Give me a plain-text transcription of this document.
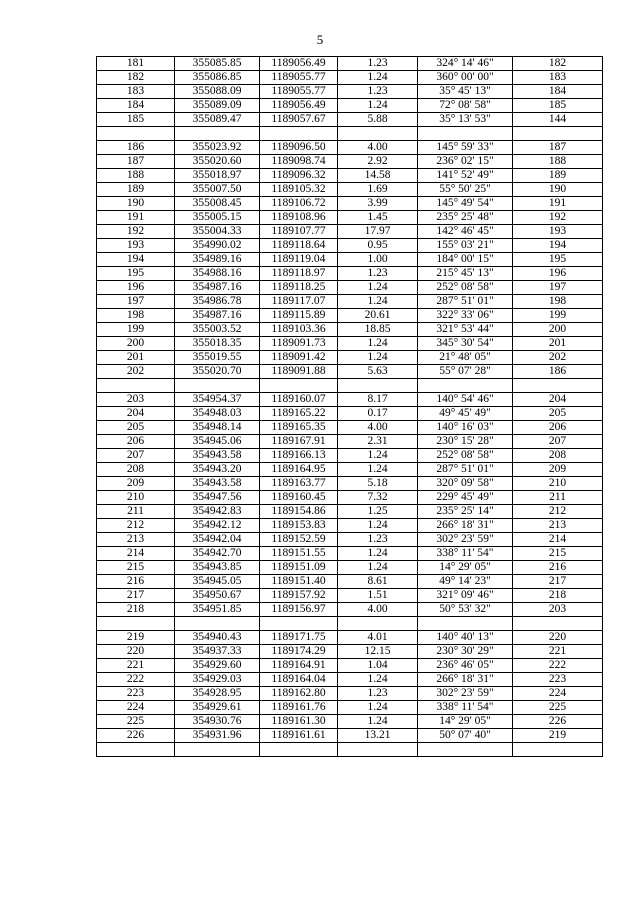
5
181	355085.85	1189056.49	1.23	324° 14' 46"	182
182	355086.85	1189055.77	1.24	360° 00' 00"	183
183	355088.09	1189055.77	1.23	35° 45' 13"	184
184	355089.09	1189056.49	1.24	72° 08' 58"	185
185	355089.47	1189057.67	5.88	35° 13' 53"	144

186	355023.92	1189096.50	4.00	145° 59' 33"	187
187	355020.60	1189098.74	2.92	236° 02' 15"	188
188	355018.97	1189096.32	14.58	141° 52' 49"	189
189	355007.50	1189105.32	1.69	55° 50' 25"	190
190	355008.45	1189106.72	3.99	145° 49' 54"	191
191	355005.15	1189108.96	1.45	235° 25' 48"	192
192	355004.33	1189107.77	17.97	142° 46' 45"	193
193	354990.02	1189118.64	0.95	155° 03' 21"	194
194	354989.16	1189119.04	1.00	184° 00' 15"	195
195	354988.16	1189118.97	1.23	215° 45' 13"	196
196	354987.16	1189118.25	1.24	252° 08' 58"	197
197	354986.78	1189117.07	1.24	287° 51' 01"	198
198	354987.16	1189115.89	20.61	322° 33' 06"	199
199	355003.52	1189103.36	18.85	321° 53' 44"	200
200	355018.35	1189091.73	1.24	345° 30' 54"	201
201	355019.55	1189091.42	1.24	21° 48' 05"	202
202	355020.70	1189091.88	5.63	55° 07' 28"	186

203	354954.37	1189160.07	8.17	140° 54' 46"	204
204	354948.03	1189165.22	0.17	49° 45' 49"	205
205	354948.14	1189165.35	4.00	140° 16' 03"	206
206	354945.06	1189167.91	2.31	230° 15' 28"	207
207	354943.58	1189166.13	1.24	252° 08' 58"	208
208	354943.20	1189164.95	1.24	287° 51' 01"	209
209	354943.58	1189163.77	5.18	320° 09' 58"	210
210	354947.56	1189160.45	7.32	229° 45' 49"	211
211	354942.83	1189154.86	1.25	235° 25' 14"	212
212	354942.12	1189153.83	1.24	266° 18' 31"	213
213	354942.04	1189152.59	1.23	302° 23' 59"	214
214	354942.70	1189151.55	1.24	338° 11' 54"	215
215	354943.85	1189151.09	1.24	14° 29' 05"	216
216	354945.05	1189151.40	8.61	49° 14' 23"	217
217	354950.67	1189157.92	1.51	321° 09' 46"	218
218	354951.85	1189156.97	4.00	50° 53' 32"	203

219	354940.43	1189171.75	4.01	140° 40' 13"	220
220	354937.33	1189174.29	12.15	230° 30' 29"	221
221	354929.60	1189164.91	1.04	236° 46' 05"	222
222	354929.03	1189164.04	1.24	266° 18' 31"	223
223	354928.95	1189162.80	1.23	302° 23' 59"	224
224	354929.61	1189161.76	1.24	338° 11' 54"	225
225	354930.76	1189161.30	1.24	14° 29' 05"	226
226	354931.96	1189161.61	13.21	50° 07' 40"	219
